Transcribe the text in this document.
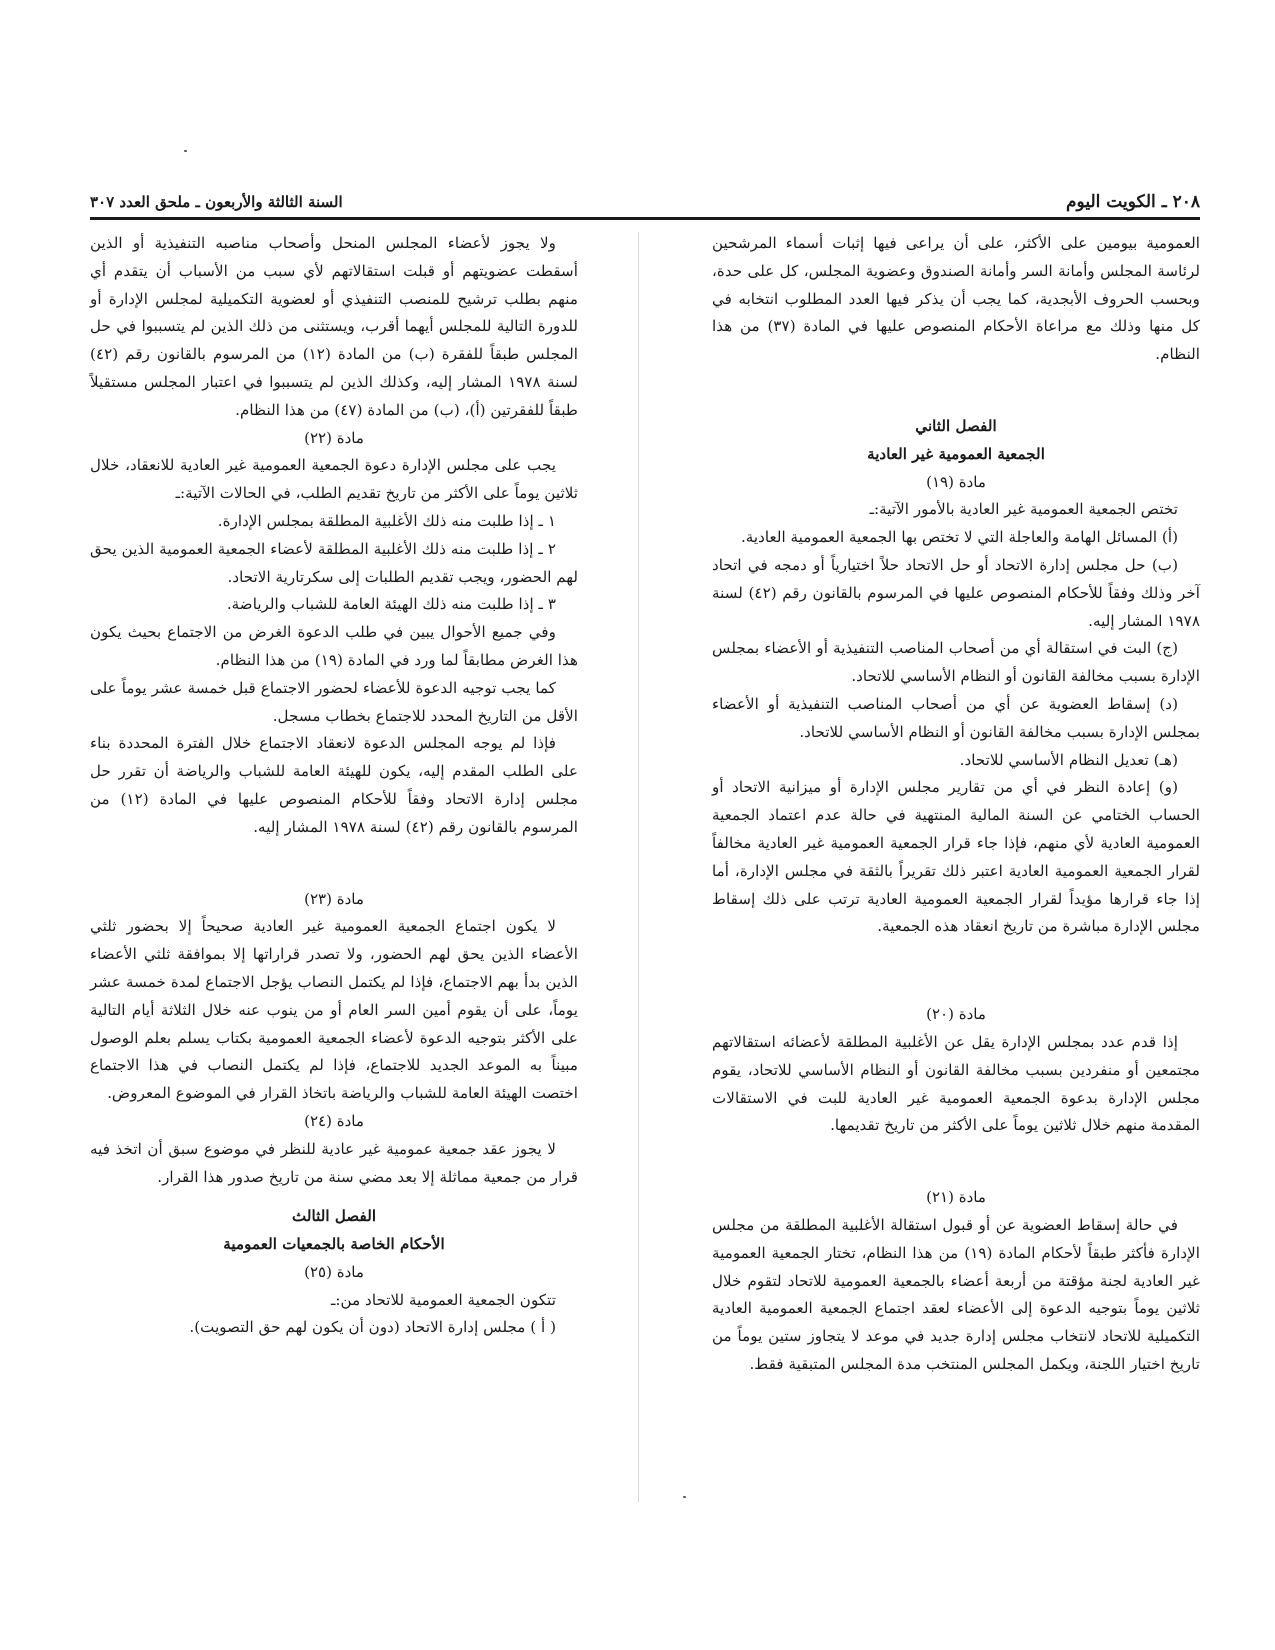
٢٠٨ ـ الكويت اليوم
السنة الثالثة والأربعون ـ ملحق العدد ٣٠٧

العمومية بيومين على الأكثر، على أن يراعى فيها إثبات أسماء المرشحين لرئاسة المجلس وأمانة السر وأمانة الصندوق وعضوية المجلس، كل على حدة، وبحسب الحروف الأبجدية، كما يجب أن يذكر فيها العدد المطلوب انتخابه في كل منها وذلك مع مراعاة الأحكام المنصوص عليها في المادة (٣٧) من هذا النظام.

الفصل الثاني

الجمعية العمومية غير العادية

مادة (١٩)

تختص الجمعية العمومية غير العادية بالأمور الآتية:ـ

(أ) المسائل الهامة والعاجلة التي لا تختص بها الجمعية العمومية العادية.

(ب) حل مجلس إدارة الاتحاد أو حل الاتحاد حلاً اختيارياً أو دمجه في اتحاد آخر وذلك وفقاً للأحكام المنصوص عليها في المرسوم بالقانون رقم (٤٢) لسنة ١٩٧٨ المشار إليه.

(ج) البت في استقالة أي من أصحاب المناصب التنفيذية أو الأعضاء بمجلس الإدارة بسبب مخالفة القانون أو النظام الأساسي للاتحاد.

(د) إسقاط العضوية عن أي من أصحاب المناصب التنفيذية أو الأعضاء بمجلس الإدارة بسبب مخالفة القانون أو النظام الأساسي للاتحاد.

(هـ) تعديل النظام الأساسي للاتحاد.

(و) إعادة النظر في أي من تقارير مجلس الإدارة أو ميزانية الاتحاد أو الحساب الختامي عن السنة المالية المنتهية في حالة عدم اعتماد الجمعية العمومية العادية لأي منهم، فإذا جاء قرار الجمعية العمومية غير العادية مخالفاً لقرار الجمعية العمومية العادية اعتبر ذلك تقريراً بالثقة في مجلس الإدارة، أما إذا جاء قرارها مؤيداً لقرار الجمعية العمومية العادية ترتب على ذلك إسقاط مجلس الإدارة مباشرة من تاريخ انعقاد هذه الجمعية.

مادة (٢٠)

إذا قدم عدد بمجلس الإدارة يقل عن الأغلبية المطلقة لأعضائه استقالاتهم مجتمعين أو منفردين بسبب مخالفة القانون أو النظام الأساسي للاتحاد، يقوم مجلس الإدارة بدعوة الجمعية العمومية غير العادية للبت في الاستقالات المقدمة منهم خلال ثلاثين يوماً على الأكثر من تاريخ تقديمها.

مادة (٢١)

في حالة إسقاط العضوية عن أو قبول استقالة الأغلبية المطلقة من مجلس الإدارة فأكثر طبقاً لأحكام المادة (١٩) من هذا النظام، تختار الجمعية العمومية غير العادية لجنة مؤقتة من أربعة أعضاء بالجمعية العمومية للاتحاد لتقوم خلال ثلاثين يوماً بتوجيه الدعوة إلى الأعضاء لعقد اجتماع الجمعية العمومية العادية التكميلية للاتحاد لانتخاب مجلس إدارة جديد في موعد لا يتجاوز ستين يوماً من تاريخ اختيار اللجنة، ويكمل المجلس المنتخب مدة المجلس المتبقية فقط.

ولا يجوز لأعضاء المجلس المنحل وأصحاب مناصبه التنفيذية أو الذين أسقطت عضويتهم أو قبلت استقالاتهم لأي سبب من الأسباب أن يتقدم أي منهم بطلب ترشيح للمنصب التنفيذي أو لعضوية التكميلية لمجلس الإدارة أو للدورة التالية للمجلس أيهما أقرب، ويستثنى من ذلك الذين لم يتسببوا في حل المجلس طبقاً للفقرة (ب) من المادة (١٢) من المرسوم بالقانون رقم (٤٢) لسنة ١٩٧٨ المشار إليه، وكذلك الذين لم يتسببوا في اعتبار المجلس مستقيلاً طبقاً للفقرتين (أ)، (ب) من المادة (٤٧) من هذا النظام.

مادة (٢٢)

يجب على مجلس الإدارة دعوة الجمعية العمومية غير العادية للانعقاد، خلال ثلاثين يوماً على الأكثر من تاريخ تقديم الطلب، في الحالات الآتية:ـ

١ ـ إذا طلبت منه ذلك الأغلبية المطلقة بمجلس الإدارة.

٢ ـ إذا طلبت منه ذلك الأغلبية المطلقة لأعضاء الجمعية العمومية الذين يحق لهم الحضور، ويجب تقديم الطلبات إلى سكرتارية الاتحاد.

٣ ـ إذا طلبت منه ذلك الهيئة العامة للشباب والرياضة.

وفي جميع الأحوال يبين في طلب الدعوة الغرض من الاجتماع بحيث يكون هذا الغرض مطابقاً لما ورد في المادة (١٩) من هذا النظام.

كما يجب توجيه الدعوة للأعضاء لحضور الاجتماع قبل خمسة عشر يوماً على الأقل من التاريخ المحدد للاجتماع بخطاب مسجل.

فإذا لم يوجه المجلس الدعوة لانعقاد الاجتماع خلال الفترة المحددة بناء على الطلب المقدم إليه، يكون للهيئة العامة للشباب والرياضة أن تقرر حل مجلس إدارة الاتحاد وفقاً للأحكام المنصوص عليها في المادة (١٢) من المرسوم بالقانون رقم (٤٢) لسنة ١٩٧٨ المشار إليه.

مادة (٢٣)

لا يكون اجتماع الجمعية العمومية غير العادية صحيحاً إلا بحضور ثلثي الأعضاء الذين يحق لهم الحضور، ولا تصدر قراراتها إلا بموافقة ثلثي الأعضاء الذين بدأ بهم الاجتماع، فإذا لم يكتمل النصاب يؤجل الاجتماع لمدة خمسة عشر يوماً، على أن يقوم أمين السر العام أو من ينوب عنه خلال الثلاثة أيام التالية على الأكثر بتوجيه الدعوة لأعضاء الجمعية العمومية بكتاب يسلم بعلم الوصول مبيناً به الموعد الجديد للاجتماع، فإذا لم يكتمل النصاب في هذا الاجتماع اختصت الهيئة العامة للشباب والرياضة باتخاذ القرار في الموضوع المعروض.

مادة (٢٤)

لا يجوز عقد جمعية عمومية غير عادية للنظر في موضوع سبق أن اتخذ فيه قرار من جمعية مماثلة إلا بعد مضي سنة من تاريخ صدور هذا القرار.

الفصل الثالث

الأحكام الخاصة بالجمعيات العمومية

مادة (٢٥)

تتكون الجمعية العمومية للاتحاد من:ـ

( أ ) مجلس إدارة الاتحاد (دون أن يكون لهم حق التصويت).
